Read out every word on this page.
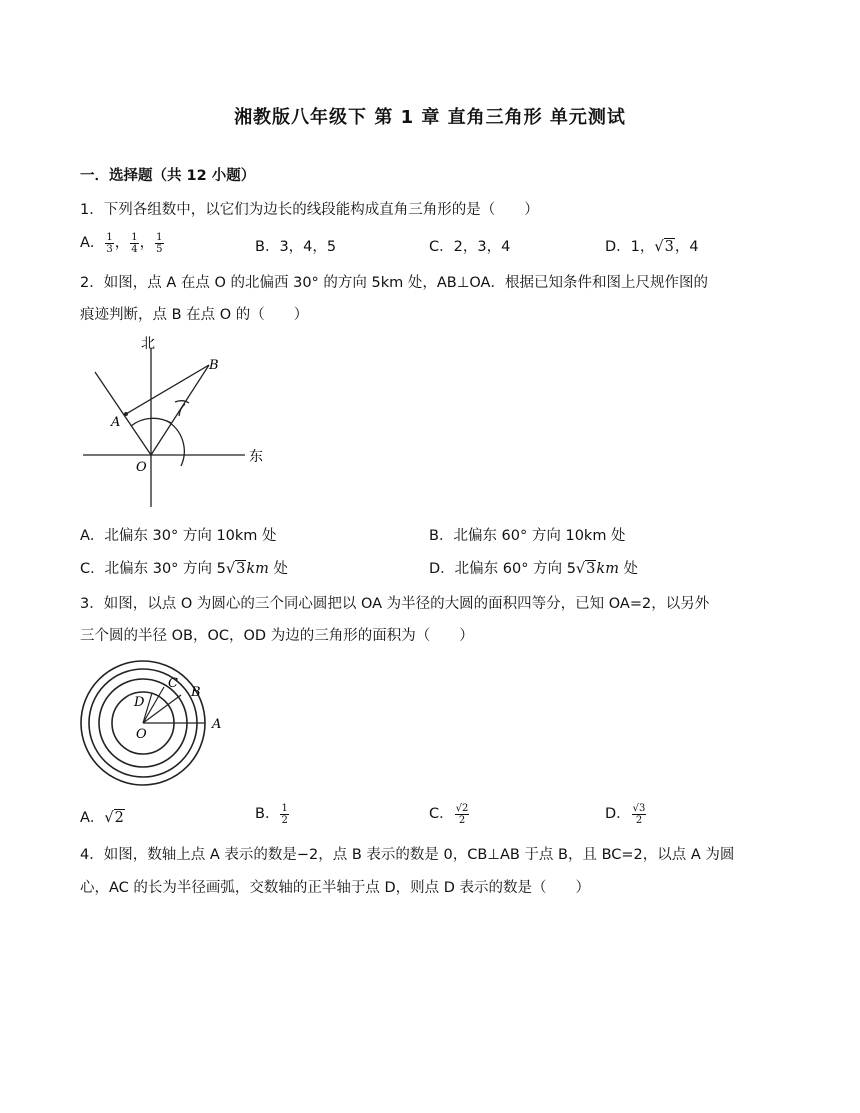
湘教版八年级下 第 1 章 直角三角形 单元测试
一．选择题（共 12 小题）
1．下列各组数中，以它们为边长的线段能构成直角三角形的是（　　）
A． $\frac{1}{3}$ ， $\frac{1}{4}$ ， $\frac{1}{5}$	B．3，4，5	C．2，3，4	D．1，√3，4
2．如图，点 A 在点 O 的北偏西 30° 的方向 5km 处，AB⊥OA．根据已知条件和图上尺规作图的
痕迹判断，点 B 在点 O 的（　　）
北
东
A
B
O
A．北偏东 30° 方向 10km 处	B．北偏东 60° 方向 10km 处
C．北偏东 30° 方向 5√3km 处	D．北偏东 60° 方向 5√3km 处
3．如图，以点 O 为圆心的三个同心圆把以 OA 为半径的大圆的面积四等分，已知 OA=2，以另外
三个圆的半径 OB，OC，OD 为边的三角形的面积为（　　）
C
B
D
A
O
A．√2	B． $\frac{1}{2}$	C． $\frac{√2}{2}$	D． $\frac{√3}{2}$
4．如图，数轴上点 A 表示的数是−2，点 B 表示的数是 0，CB⊥AB 于点 B，且 BC=2，以点 A 为圆
心，AC 的长为半径画弧，交数轴的正半轴于点 D，则点 D 表示的数是（　　）
